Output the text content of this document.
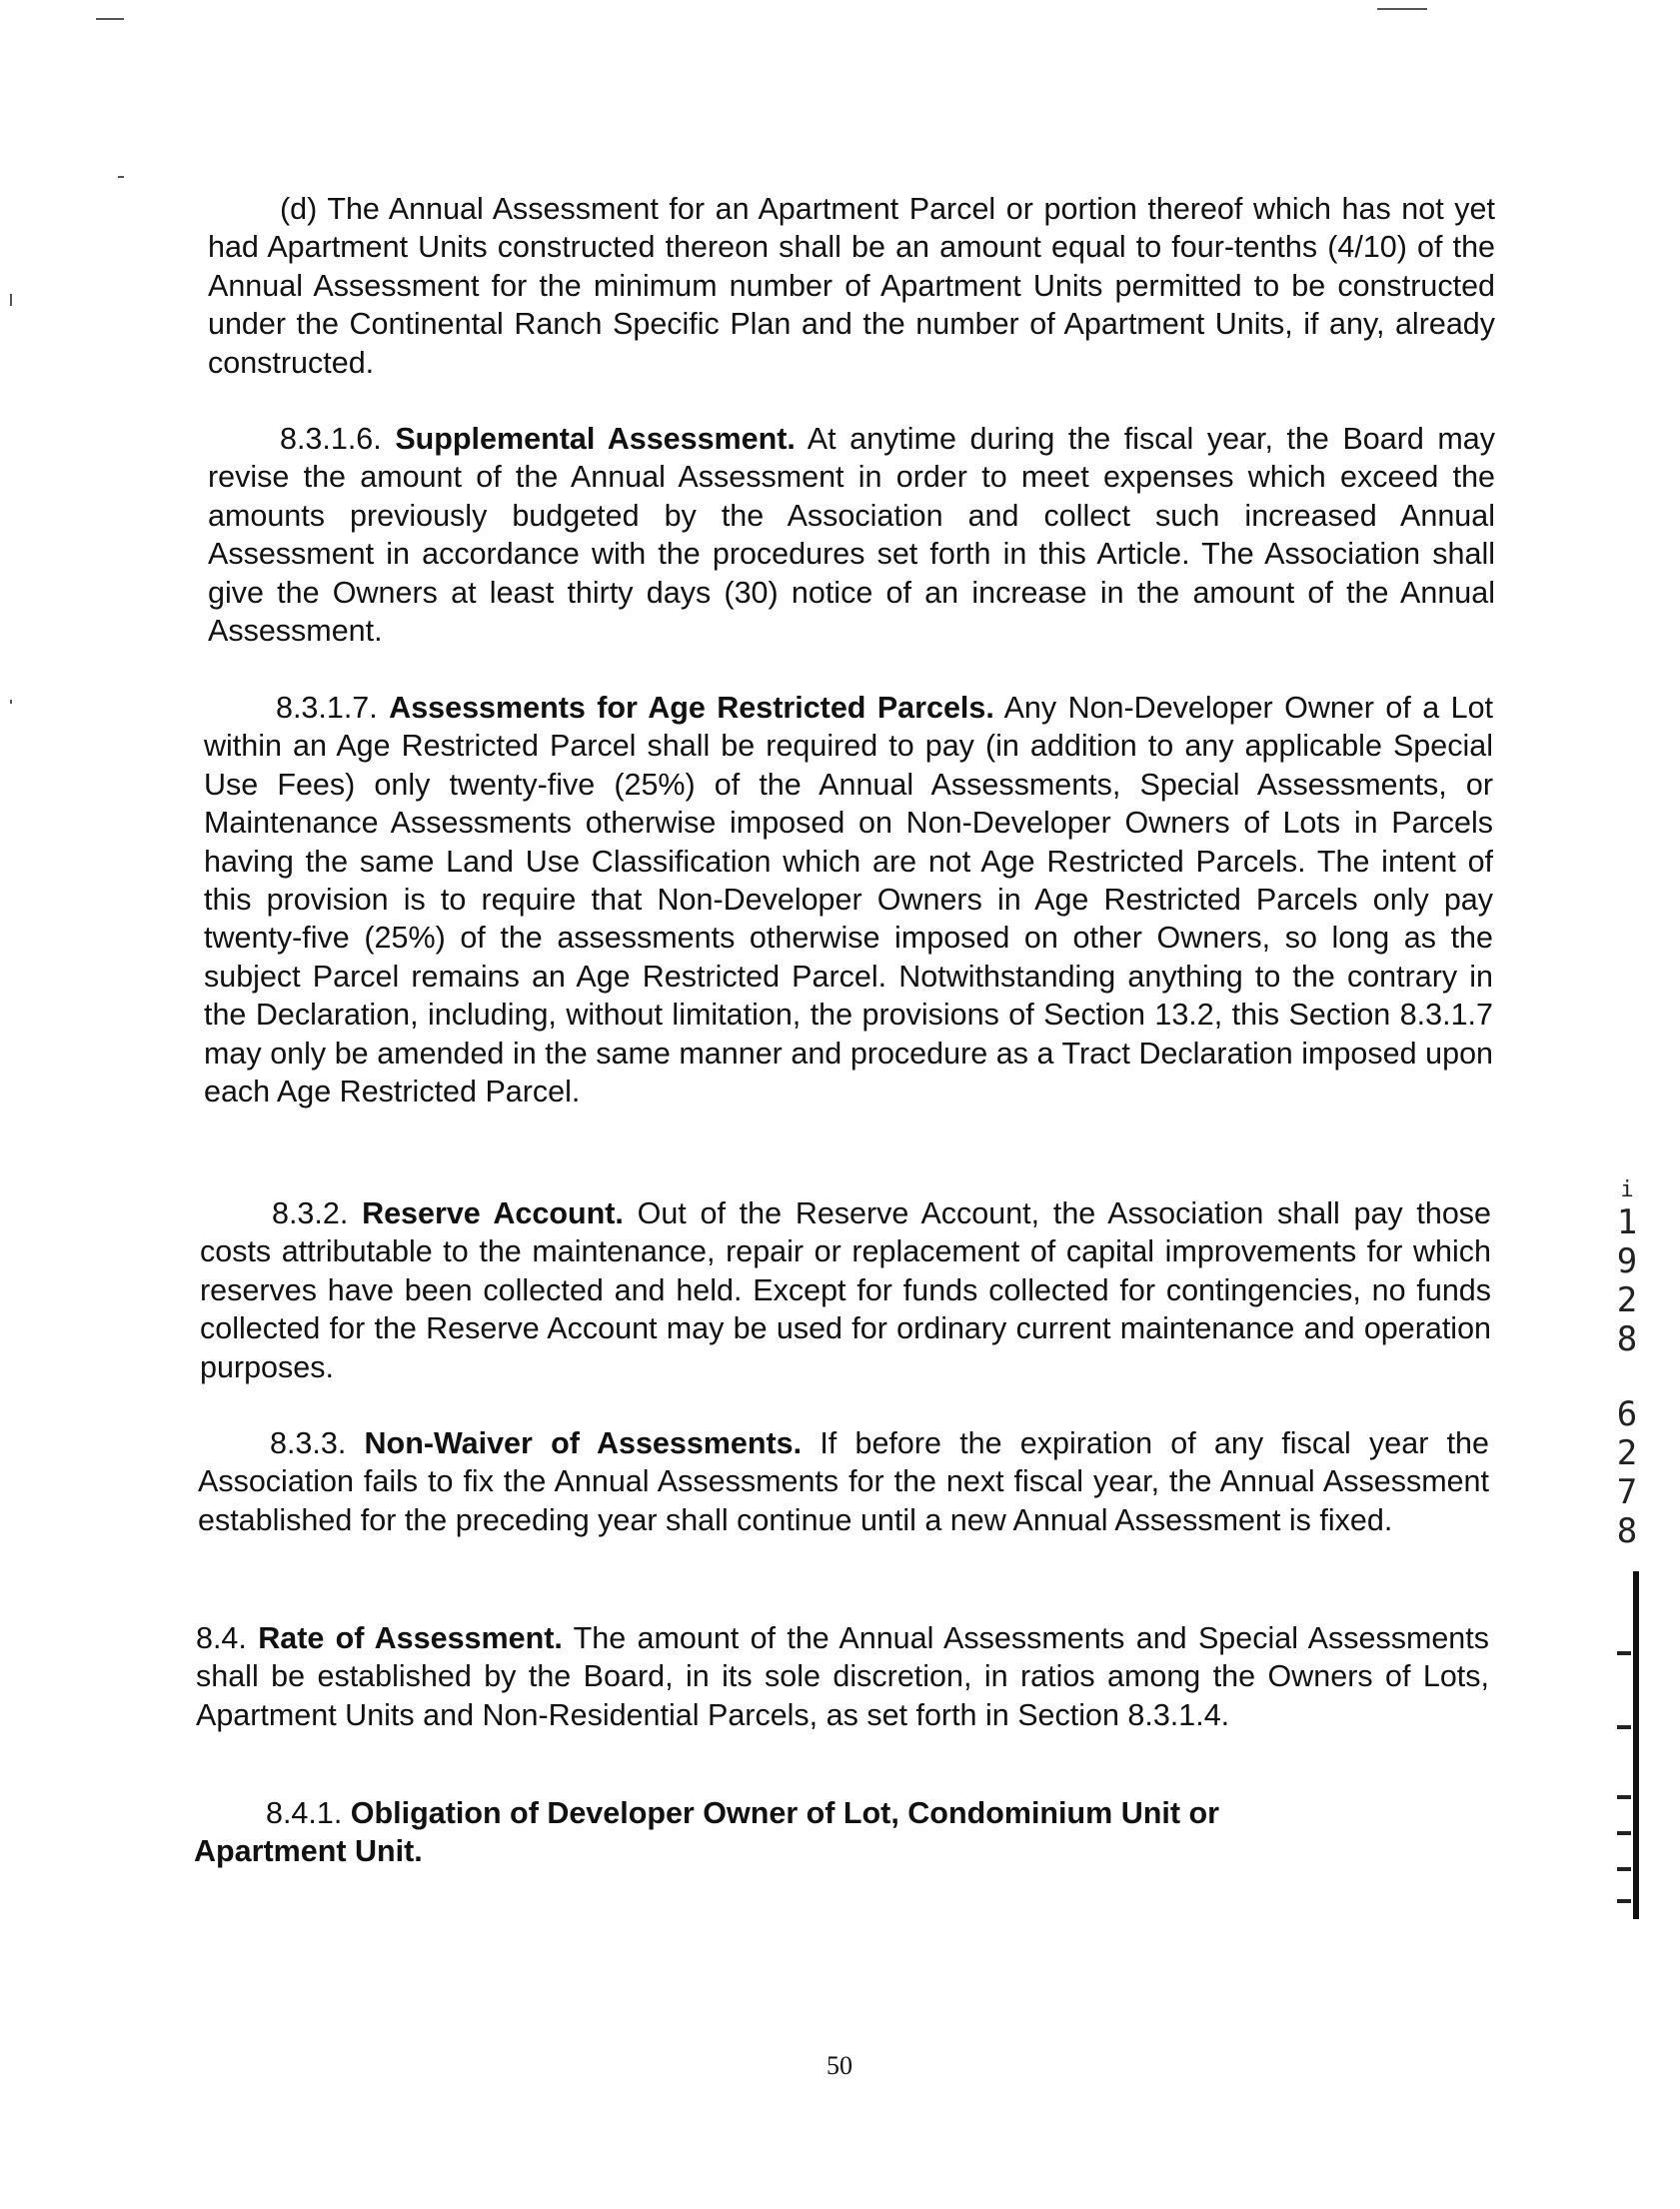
(d) The Annual Assessment for an Apartment Parcel or portion thereof which has not yet had Apartment Units constructed thereon shall be an amount equal to four-tenths (4/10) of the Annual Assessment for the minimum number of Apartment Units permitted to be constructed under the Continental Ranch Specific Plan and the number of Apartment Units, if any, already constructed.

8.3.1.6. Supplemental Assessment. At anytime during the fiscal year, the Board may revise the amount of the Annual Assessment in order to meet expenses which exceed the amounts previously budgeted by the Association and collect such increased Annual Assessment in accordance with the procedures set forth in this Article. The Association shall give the Owners at least thirty days (30) notice of an increase in the amount of the Annual Assessment.

8.3.1.7. Assessments for Age Restricted Parcels. Any Non-Developer Owner of a Lot within an Age Restricted Parcel shall be required to pay (in addition to any applicable Special Use Fees) only twenty-five (25%) of the Annual Assessments, Special Assessments, or Maintenance Assessments otherwise imposed on Non-Developer Owners of Lots in Parcels having the same Land Use Classification which are not Age Restricted Parcels. The intent of this provision is to require that Non-Developer Owners in Age Restricted Parcels only pay twenty-five (25%) of the assessments otherwise imposed on other Owners, so long as the subject Parcel remains an Age Restricted Parcel. Notwithstanding anything to the contrary in the Declaration, including, without limitation, the provisions of Section 13.2, this Section 8.3.1.7 may only be amended in the same manner and procedure as a Tract Declaration imposed upon each Age Restricted Parcel.

8.3.2. Reserve Account. Out of the Reserve Account, the Association shall pay those costs attributable to the maintenance, repair or replacement of capital improvements for which reserves have been collected and held. Except for funds collected for contingencies, no funds collected for the Reserve Account may be used for ordinary current maintenance and operation purposes.

8.3.3. Non-Waiver of Assessments. If before the expiration of any fiscal year the Association fails to fix the Annual Assessments for the next fiscal year, the Annual Assessment established for the preceding year shall continue until a new Annual Assessment is fixed.

8.4. Rate of Assessment. The amount of the Annual Assessments and Special Assessments shall be established by the Board, in its sole discretion, in ratios among the Owners of Lots, Apartment Units and Non-Residential Parcels, as set forth in Section 8.3.1.4.

8.4.1. Obligation of Developer Owner of Lot, Condominium Unit or Apartment Unit.

i
1
9
2
8
6
2
7
8
50
